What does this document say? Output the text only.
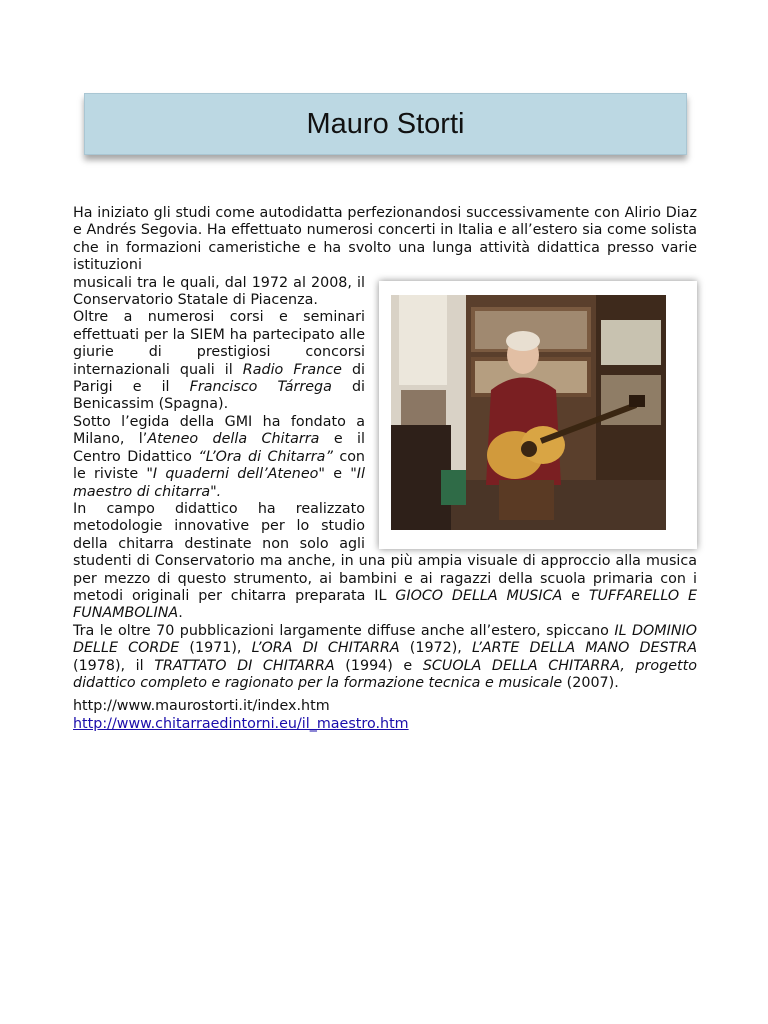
Mauro Storti

Ha iniziato gli studi come autodidatta perfezionandosi successivamente con Alirio Diaz e Andrés Segovia. Ha effettuato numerosi concerti in Italia e all’estero sia come solista che in formazioni cameristiche e ha svolto una lunga attività didattica presso varie istituzioni

musicali tra le quali, dal 1972 al 2008, il Conservatorio Statale di Piacenza.

Oltre a numerosi corsi e seminari effettuati per la SIEM ha partecipato alle giurie di prestigiosi concorsi internazionali quali il Radio France di Parigi e il Francisco Tárrega di Benicassim (Spagna).

Sotto l’egida della GMI ha fondato a Milano, l’Ateneo della Chitarra e il Centro Didattico “L’Ora di Chitarra” con le riviste "I quaderni dell’Ateneo" e "Il maestro di chitarra".

In campo didattico ha realizzato metodologie innovative per lo studio della chitarra destinate non solo agli studenti di Conservatorio ma anche, in una più ampia visuale di approccio alla musica per mezzo di questo strumento, ai bambini e ai ragazzi della scuola primaria con i metodi originali per chitarra preparata IL GIOCO DELLA MUSICA e TUFFARELLO E FUNAMBOLINA.

Tra le oltre 70 pubblicazioni largamente diffuse anche all’estero, spiccano IL DOMINIO DELLE CORDE (1971), L’ORA DI CHITARRA (1972), L’ARTE DELLA MANO DESTRA (1978), il TRATTATO DI CHITARRA (1994) e SCUOLA DELLA CHITARRA, progetto didattico completo e ragionato per la formazione tecnica e musicale (2007).

http://www.maurostorti.it/index.htm
http://www.chitarraedintorni.eu/il_maestro.htm
